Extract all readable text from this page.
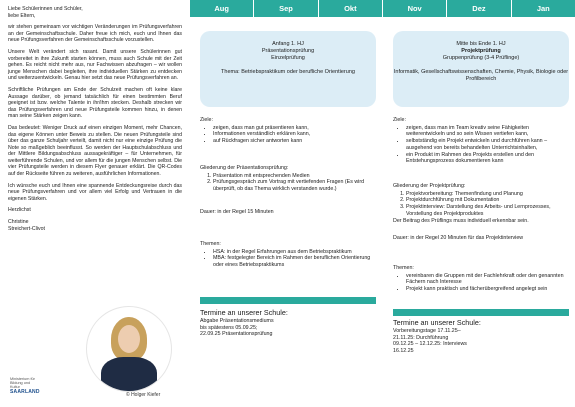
Liebe Schülerinnen und Schüler,
liebe Eltern,

wir stehen gemeinsam vor wichtigen Veränderungen im Prüfungsverfahren an der Gemeinschaftsschule. Daher freue ich mich, euch und Ihnen das neue Prüfungsverfahren der Gemeinschaftsschule vorzustellen.

Unsere Welt verändert sich rasant. Damit unsere Schülerinnen gut vorbereitet in ihre Zukunft starten können, muss auch Schule mit der Zeit gehen. Es reicht nicht mehr aus, nur Fachwissen abzufragen – wir wollen junge Menschen dabei begleiten, ihre individuellen Stärken zu entdecken und weiterzuentwickeln. Genau hier setzt das neue Prüfungsverfahren an.

Schriftliche Prüfungen am Ende der Schulzeit machen oft keine klare Aussage darüber, ob jemand tatsächlich für einen bestimmten Beruf geeignet ist bzw. welche Talente in ihr/ihm stecken. Deshalb strecken wir das Prüfungsverfahren und neue Prüfungsteile kommen hinzu, in denen man seine Stärken zeigen kann.

Das bedeutet: Weniger Druck auf einen einzigen Moment, mehr Chancen, das eigene Können unter Beweis zu stellen. Die neuen Prüfungsteile sind über das ganze Schuljahr verteilt, damit nicht nur eine einzige Prüfung die Note so maßgeblich beeinflusst. So werden der Hauptschulabschluss und der Mittlere Bildungsabschluss aussagekräftiger – für Unternehmen, für weiterführende Schulen, und vor allem für die jungen Menschen selbst. Die vier Prüfungsteile werden in diesem Flyer genauer erklärt. Die QR-Codes auf der Rückseite führen zu weiteren, ausführlichen Informationen.

Ich wünsche euch und Ihnen eine spannende Entdeckungsreise durch das neue Prüfungsverfahren und vor allem viel Erfolg und Vertrauen in die eigenen Stärken.

Herzlichst

Christine
Streichert-Clivot

Ministerium für Bildung und Kultur
SAARLAND	© Holger Kiefer
Aug	Sep	Okt	Nov	Dez	Jan
Anfang 1. HJ
Präsentationsprüfung
Einzelprüfung
Thema: Betriebspraktikum oder berufliche Orientierung
Ziele:
• zeigen, dass man gut präsentieren kann,
• Informationen verständlich erklären kann,
• auf Rückfragen sicher antworten kann
Gliederung der Präsentationsprüfung:
1. Präsentation mit entsprechenden Medien
2. Prüfungsgespräch zum Vortrag mit vertiefenden Fragen (Es wird überprüft, ob das Thema wirklich verstanden wurde.)
Dauer: in der Regel 15 Minuten
Themen:
• HSA: in der Regel Erfahrungen aus dem Betriebspraktikum
• MBA: festgelegter Bereich im Rahmen der beruflichen Orientierung oder eines Betriebspraktikums
Termine an unserer Schule:
Abgabe Präsentationsmediums
bis spätestens 05.09.25;
22.09.25 Präsentationsprüfung
Mitte bis Ende 1. HJ
Projektprüfung
Gruppenprüfung (3-4 Prüflinge)
Informatik, Gesellschaftswissenschaften, Chemie, Physik, Biologie oder Profilbereich
Ziele:
• zeigen, dass man im Team kreativ seine Fähigkeiten weiterentwickeln und so sein Wissen vertiefen kann,
• selbstständig ein Projekt entwickeln und durchführen kann – ausgehend von bereits behandelten Unterrichtsinhalten,
• ein Produkt im Rahmen des Projekts erstellen und den Entstehungsprozess dokumentieren kann
Gliederung der Projektprüfung:
1. Projektvorbereitung: Themenfindung und Planung
2. Projektdurchführung mit Dokumentation
3. Projektinterview: Darstellung des Arbeits- und Lernprozesses, Vorstellung des Projektproduktes
Der Beitrag des Prüflings muss individuell erkennbar sein.
Dauer: in der Regel 20 Minuten für das Projektinterview
Themen:
• vereinbaren die Gruppen mit der Fachlehrkraft oder den genannten Fächern nach Interesse
• Projekt kann praktisch und fächerübergreifend angelegt sein
Termine an unserer Schule:
Vorbereitungstage 17.11.25–
21.11.25: Durchführung
09.12.25 – 12.12.25: Interviews
16.12.25
